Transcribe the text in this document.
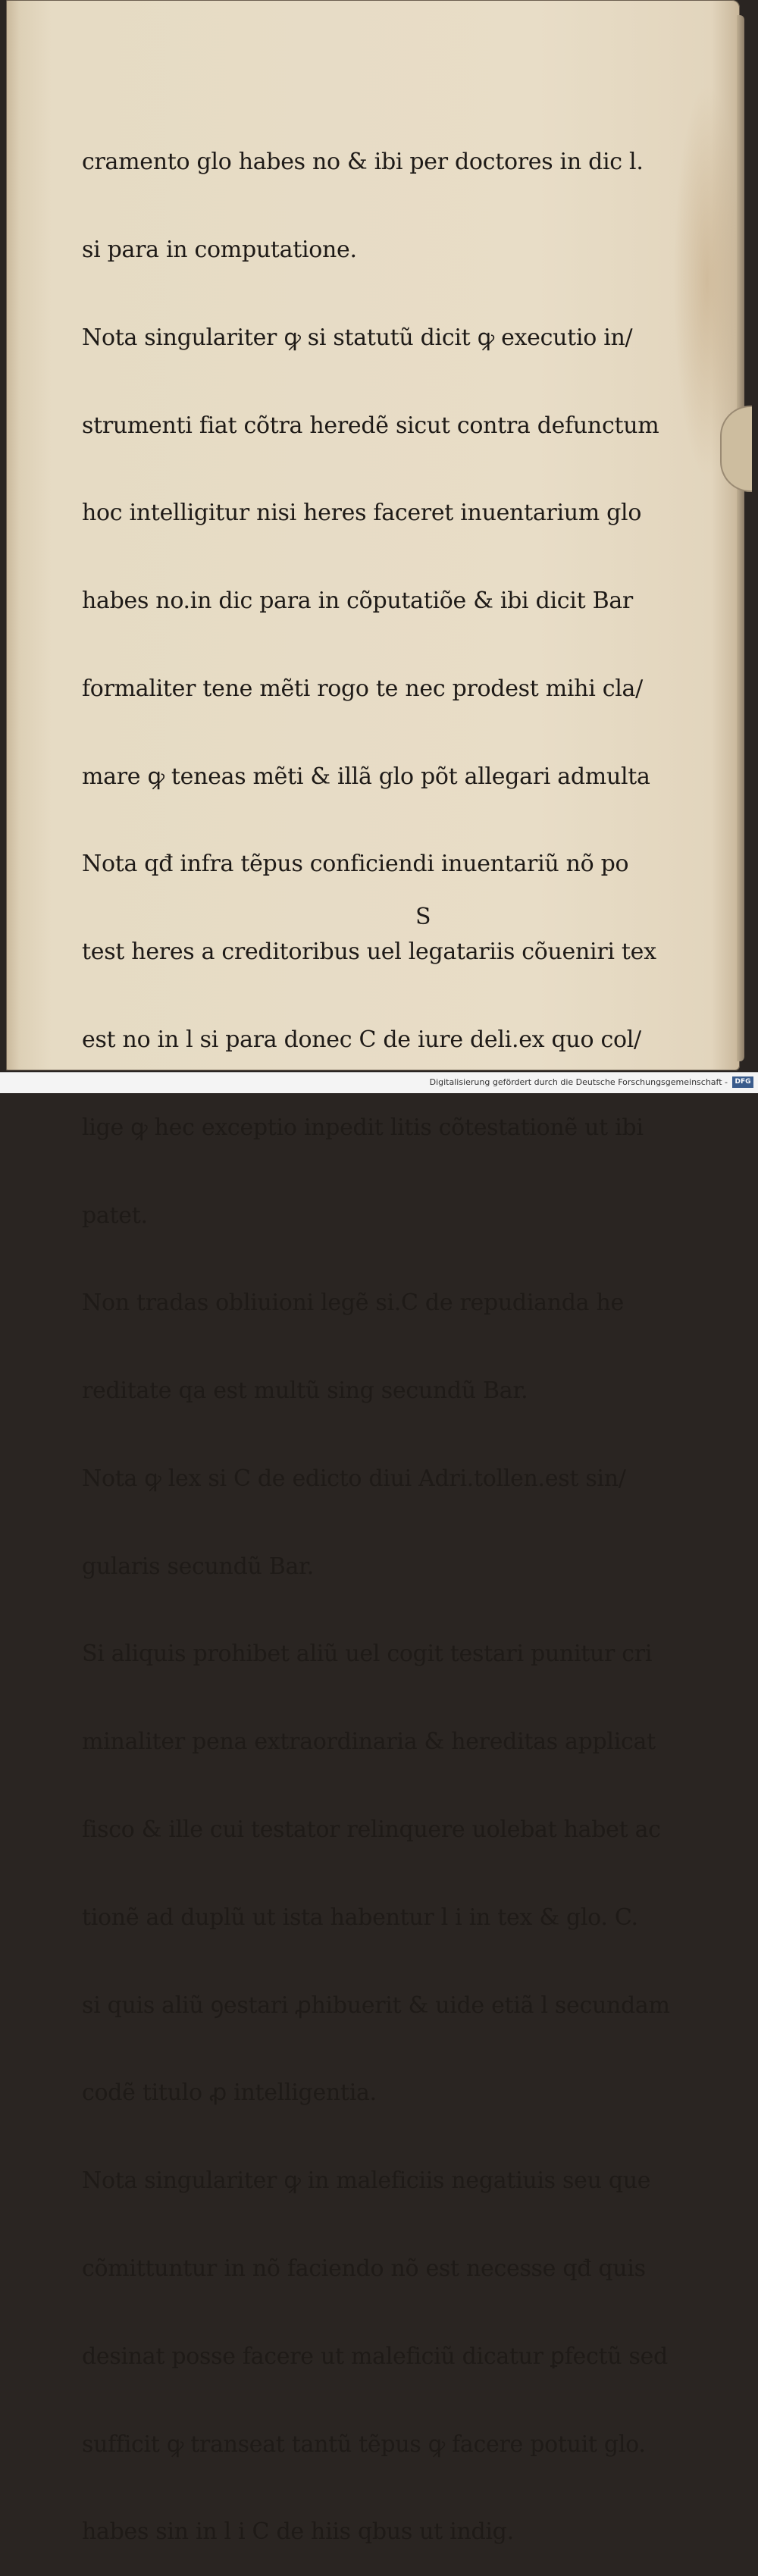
cramento glo habes no & ibi per doctores in dic l.

si para in computatione.

Nota singulariter ꝙ si statutũ dicit ꝙ executio in/

strumenti fiat cõtra heredẽ sicut contra defunctum

hoc intelligitur nisi heres faceret inuentarium glo

habes no.in dic para in cõputatiõe & ibi dicit Bar

formaliter tene mẽti rogo te nec prodest mihi cla/

mare ꝙ teneas mẽti & illã glo põt allegari admulta

Nota qđ infra tẽpus conficiendi inuentariũ nõ po

test heres a creditoribus uel legatariis cõueniri tex

est no in l si para donec C de iure deli.ex quo col/

lige ꝙ hec exceptio inpedit litis cõtestationẽ ut ibi

patet.

Non tradas obliuioni legẽ si.C de repudianda he

reditate qa est multũ sing secundũ Bar.

Nota ꝙ lex si C de edicto diui Adri.tollen.est sin/

gularis secundũ Bar.

Si aliquis prohibet aliũ uel cogit testari punitur cri

minaliter pena extraordinaria & hereditas applicat

fisco & ille cui testator relinquere uolebat habet ac

tionẽ ad duplũ ut ista habentur l i in tex & glo. C.

si quis aliũ ꝯestari ꝓhibuerit & uide etiã l secundam

codẽ titulo ꝓ intelligentia.

Nota singulariter ꝙ in maleficiis negatiuis seu que

cõmittuntur in nõ faciendo nõ est necesse qđ quis

desinat posse facere ut maleficiũ dicatur ꝑfectũ sed

sufficit ꝙ transeat tantũ tẽpus ꝙ facere potuit glo.

habes sin in l i C de hiis qbus ut indig.

S
Digitalisierung gefördert durch die Deutsche Forschungsgemeinschaft -	DFG
